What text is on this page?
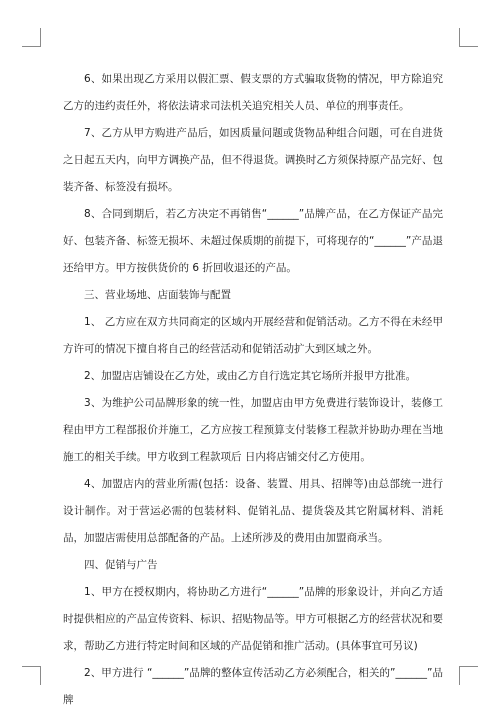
6、如果出现乙方采用以假汇票、假支票的方式骗取货物的情况，甲方除追究乙方的违约责任外，将依法请求司法机关追究相关人员、单位的刑事责任。

7、乙方从甲方购进产品后，如因质量问题或货物品种组合问题，可在自进货之日起五天内，向甲方调换产品，但不得退货。调换时乙方须保持原产品完好、包装齐备、标签没有损坏。

8、合同到期后，若乙方决定不再销售“______”品牌产品，在乙方保证产品完好、包装齐备、标签无损坏、未超过保质期的前提下，可将现存的“______”产品退还给甲方。甲方按供货价的 6 折回收退还的产品。

三、营业场地、店面装饰与配置

1、 乙方应在双方共同商定的区域内开展经营和促销活动。乙方不得在未经甲方许可的情况下擅自将自己的经营活动和促销活动扩大到区域之外。

2、加盟店店铺设在乙方处，或由乙方自行选定其它场所并报甲方批准。

3、为维护公司品牌形象的统一性，加盟店由甲方免费进行装饰设计，装修工程由甲方工程部报价并施工，乙方应按工程预算支付装修工程款并协助办理在当地施工的相关手续。甲方收到工程款项后 日内将店铺交付乙方使用。

4、加盟店内的营业所需(包括：设备、装置、用具、招牌等)由总部统一进行设计制作。对于营运必需的包装材料、促销礼品、提货袋及其它附属材料、消耗品，加盟店需使用总部配备的产品。上述所涉及的费用由加盟商承当。

四、促销与广告

1、甲方在授权期内，将协助乙方进行“______”品牌的形象设计，并向乙方适时提供相应的产品宣传资料、标识、招贴物品等。甲方可根据乙方的经营状况和要求，帮助乙方进行特定时间和区域的产品促销和推广活动。(具体事宜可另议)

2、甲方进行 “______”品牌的整体宣传活动乙方必须配合，相关的”______”品牌
